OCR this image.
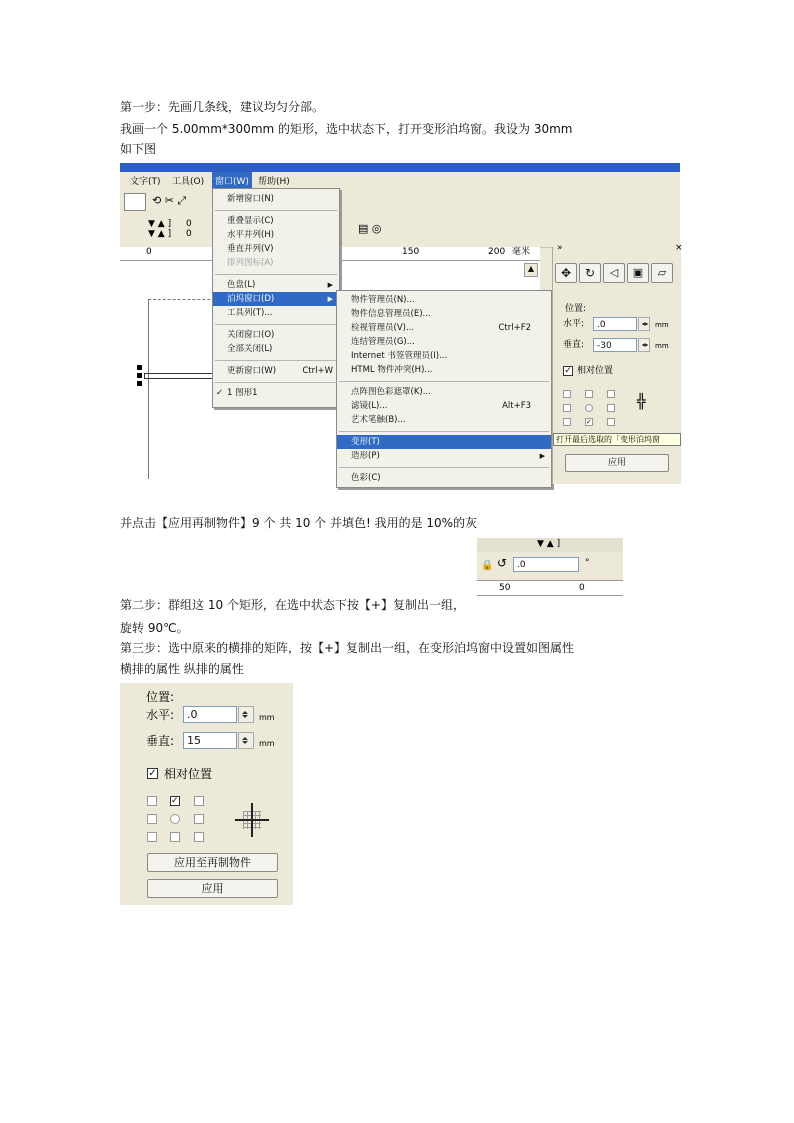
第一步：先画几条线，建议均匀分部。
我画一个 5.00mm*300mm 的矩形，选中状态下，打开变形泊坞窗。我设为 30mm
如下图
文字(T) 工具(O)	窗口(W)	帮助(H)
⟲ ✂ ⤢
▼ ▲ ]
▼ ▲ ]
0
0	▤ ◎
0	150	200 毫米
▲
新增窗口(N)
重叠显示(C)
水平并列(H)
垂直并列(V)
排列图标(A)
色盘(L)	▶
泊坞窗口(D)	▶
工具列(T)...
关闭窗口(O)
全部关闭(L)
更新窗口(W)	Ctrl+W
✓ 1 图形1
物件管理员(N)...
物件信息管理员(E)...
检视管理员(V)...	Ctrl+F2
连结管理员(G)...
Internet 书签管理员(I)...
HTML 物件冲突(H)...
点阵图色彩遮罩(K)...
滤镜(L)...	Alt+F3
艺术笔触(B)...
变形(T)
造形(P)	▶
色彩(C)
»	×
✥	↻	◁	▣	▱
位置:
水平:	.0	mm
垂直:	-30	mm
✓ 相对位置
✓
╬
打开最后选取的「变形泊坞窗
应用
并点击【应用再制物件】9 个 共 10 个 并填色! 我用的是 10%的灰
▼ ▲ ]
🔒 ↺	.0	°
50	0
第二步：群组这 10 个矩形，在选中状态下按【+】复制出一组，
旋转 90℃。
第三步：选中原来的横排的矩阵，按【+】复制出一组，在变形泊坞窗中设置如图属性
横排的属性 纵排的属性
位置:
水平:	.0	mm
垂直:	15	mm
✓ 相对位置
✓
应用至再制物件
应用
